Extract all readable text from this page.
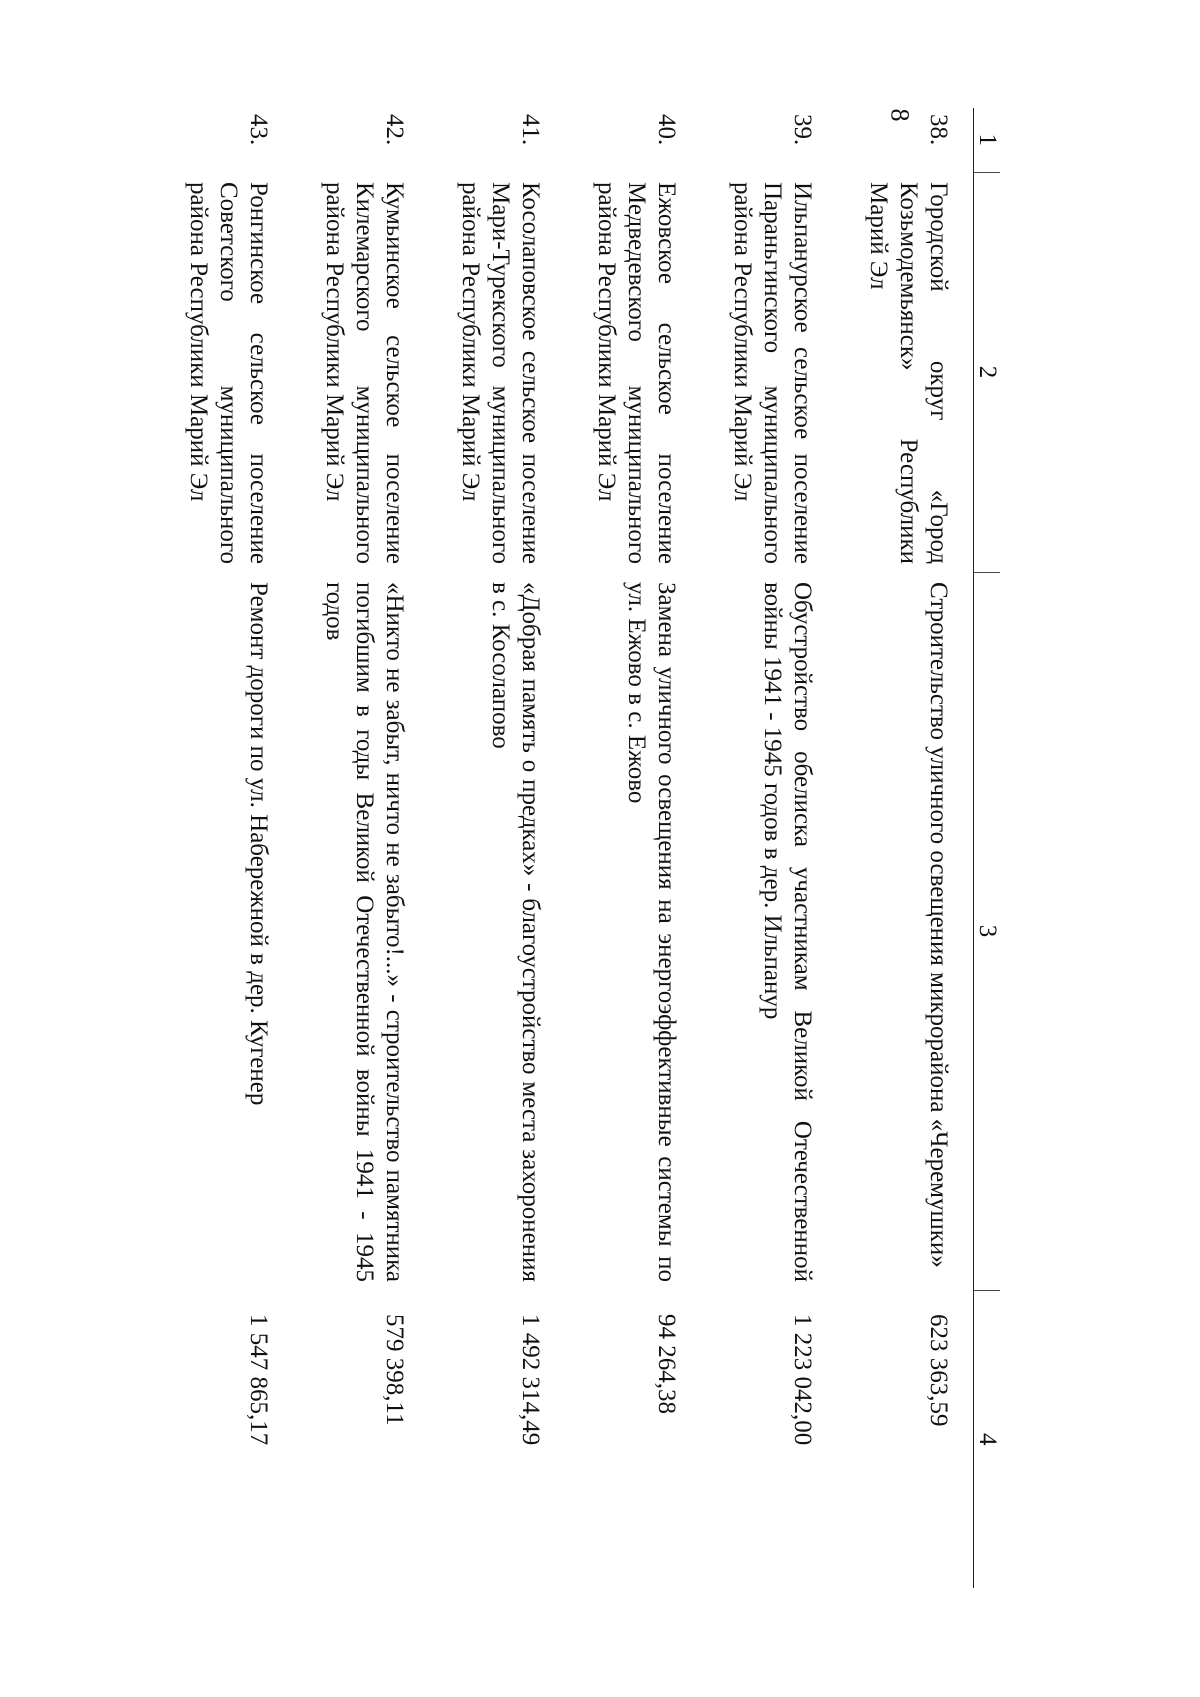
8
1	2	3	4
38.	Городской округ «Город Козьмодемьянск» Республики Марий Эл	Строительство уличного освещения микрорайона «Черемушки»	623 363,59
39.	Ильпанурское сельское поселение Параньгинского муниципального района Республики Марий Эл	Обустройство обелиска участникам Великой Отечественной войны 1941 - 1945 годов в дер. Ильпанур	1 223 042,00
40.	Ежовское сельское поселение Медведевского муниципального района Республики Марий Эл	Замена уличного освещения на энергоэффективные системы по ул. Ежово в с. Ежово	94 264,38
41.	Косолаповское сельское поселение Мари-Турекского муниципального района Республики Марий Эл	«Добрая память о предках» - благоустройство места захоронения в с. Косолапово	1 492 314,49
42.	Кумьинское сельское поселение Килемарского муниципального района Республики Марий Эл	«Никто не забыт, ничто не забыто!...» - строительство памятника погибшим в годы Великой Отечественной войны 1941 - 1945 годов	579 398,11
43.	Ронгинское сельское поселение Советского муниципального района Республики Марий Эл	Ремонт дороги по ул. Набережной в дер. Кугенер	1 547 865,17
